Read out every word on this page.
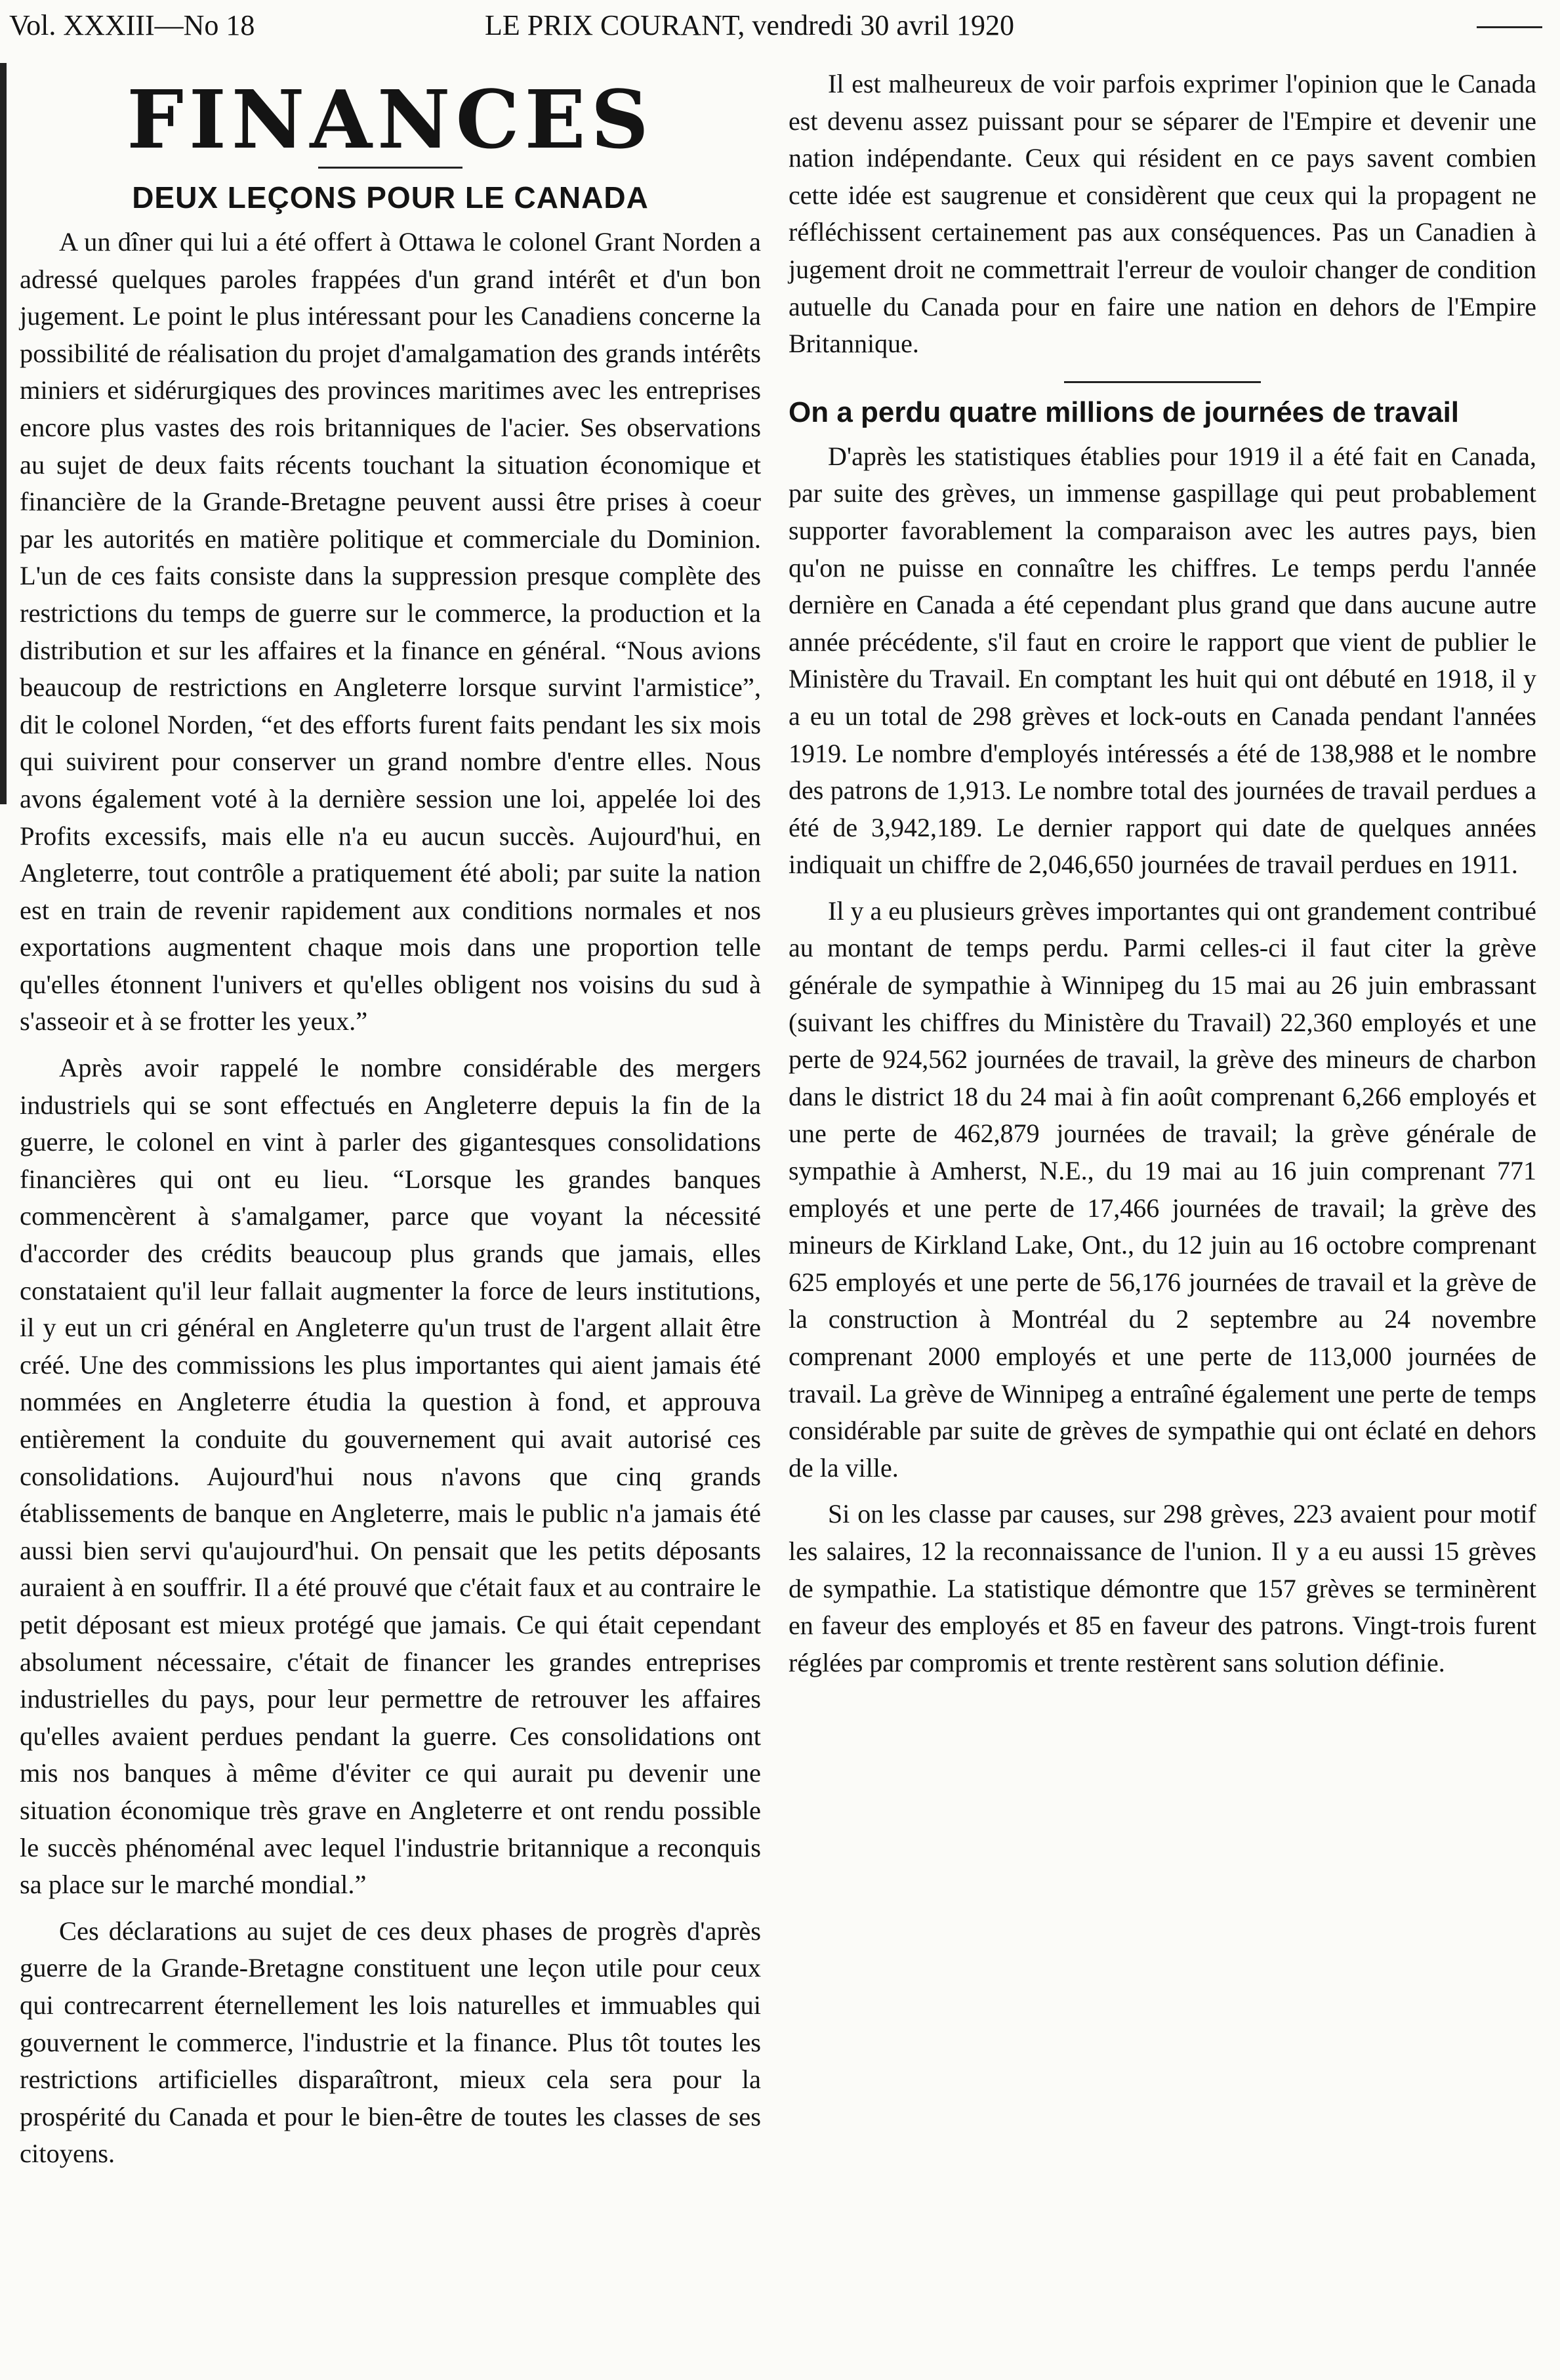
Vol. XXXIII—No 18	LE PRIX COURANT, vendredi 30 avril 1920
FINANCES
DEUX LEÇONS POUR LE CANADA

A un dîner qui lui a été offert à Ottawa le colonel Grant Norden a adressé quelques paroles frappées d'un grand intérêt et d'un bon jugement. Le point le plus intéressant pour les Canadiens concerne la possibilité de réalisation du projet d'amalgamation des grands intérêts miniers et sidérurgiques des provinces maritimes avec les entreprises encore plus vastes des rois britanniques de l'acier. Ses observations au sujet de deux faits récents touchant la situation économique et financière de la Grande-Bretagne peuvent aussi être prises à coeur par les autorités en matière politique et commerciale du Dominion. L'un de ces faits consiste dans la suppression presque complète des restrictions du temps de guerre sur le commerce, la production et la distribution et sur les affaires et la finance en général. “Nous avions beaucoup de restrictions en Angleterre lorsque survint l'armistice”, dit le colonel Norden, “et des efforts furent faits pendant les six mois qui suivirent pour conserver un grand nombre d'entre elles. Nous avons également voté à la dernière session une loi, appelée loi des Profits excessifs, mais elle n'a eu aucun succès. Aujourd'hui, en Angleterre, tout contrôle a pratiquement été aboli; par suite la nation est en train de revenir rapidement aux conditions normales et nos exportations augmentent chaque mois dans une proportion telle qu'elles étonnent l'univers et qu'elles obligent nos voisins du sud à s'asseoir et à se frotter les yeux.”

Après avoir rappelé le nombre considérable des mergers industriels qui se sont effectués en Angleterre depuis la fin de la guerre, le colonel en vint à parler des gigantesques consolidations financières qui ont eu lieu. “Lorsque les grandes banques commencèrent à s'amalgamer, parce que voyant la nécessité d'accorder des crédits beaucoup plus grands que jamais, elles constataient qu'il leur fallait augmenter la force de leurs institutions, il y eut un cri général en Angleterre qu'un trust de l'argent allait être créé. Une des commissions les plus importantes qui aient jamais été nommées en Angleterre étudia la question à fond, et approuva entièrement la conduite du gouvernement qui avait autorisé ces consolidations. Aujourd'hui nous n'avons que cinq grands établissements de banque en Angleterre, mais le public n'a jamais été aussi bien servi qu'aujourd'hui. On pensait que les petits déposants auraient à en souffrir. Il a été prouvé que c'était faux et au contraire le petit déposant est mieux protégé que jamais. Ce qui était cependant absolument nécessaire, c'était de financer les grandes entreprises industrielles du pays, pour leur permettre de retrouver les affaires qu'elles avaient perdues pendant la guerre. Ces consolidations ont mis nos banques à même d'éviter ce qui aurait pu devenir une situation économique très grave en Angleterre et ont rendu possible le succès phénoménal avec lequel l'industrie britannique a reconquis sa place sur le marché mondial.”

Ces déclarations au sujet de ces deux phases de progrès d'après guerre de la Grande-Bretagne constituent une leçon utile pour ceux qui contrecarrent éternellement les lois naturelles et immuables qui gouvernent le commerce, l'industrie et la finance. Plus tôt toutes les restrictions artificielles disparaîtront, mieux cela sera pour la prospérité du Canada et pour le bien-être de toutes les classes de ses citoyens.

Il est malheureux de voir parfois exprimer l'opinion que le Canada est devenu assez puissant pour se séparer de l'Empire et devenir une nation indépendante. Ceux qui résident en ce pays savent combien cette idée est saugrenue et considèrent que ceux qui la propagent ne réfléchissent certainement pas aux conséquences. Pas un Canadien à jugement droit ne commettrait l'erreur de vouloir changer de condition autuelle du Canada pour en faire une nation en dehors de l'Empire Britannique.

On a perdu quatre millions de journées de travail

D'après les statistiques établies pour 1919 il a été fait en Canada, par suite des grèves, un immense gaspillage qui peut probablement supporter favorablement la comparaison avec les autres pays, bien qu'on ne puisse en connaître les chiffres. Le temps perdu l'année dernière en Canada a été cependant plus grand que dans aucune autre année précédente, s'il faut en croire le rapport que vient de publier le Ministère du Travail. En comptant les huit qui ont débuté en 1918, il y a eu un total de 298 grèves et lock-outs en Canada pendant l'années 1919. Le nombre d'employés intéressés a été de 138,988 et le nombre des patrons de 1,913. Le nombre total des journées de travail perdues a été de 3,942,189. Le dernier rapport qui date de quelques années indiquait un chiffre de 2,046,650 journées de travail perdues en 1911.

Il y a eu plusieurs grèves importantes qui ont grandement contribué au montant de temps perdu. Parmi celles-ci il faut citer la grève générale de sympathie à Winnipeg du 15 mai au 26 juin embrassant (suivant les chiffres du Ministère du Travail) 22,360 employés et une perte de 924,562 journées de travail, la grève des mineurs de charbon dans le district 18 du 24 mai à fin août comprenant 6,266 employés et une perte de 462,879 journées de travail; la grève générale de sympathie à Amherst, N.E., du 19 mai au 16 juin comprenant 771 employés et une perte de 17,466 journées de travail; la grève des mineurs de Kirkland Lake, Ont., du 12 juin au 16 octobre comprenant 625 employés et une perte de 56,176 journées de travail et la grève de la construction à Montréal du 2 septembre au 24 novembre comprenant 2000 employés et une perte de 113,000 journées de travail. La grève de Winnipeg a entraîné également une perte de temps considérable par suite de grèves de sympathie qui ont éclaté en dehors de la ville.

Si on les classe par causes, sur 298 grèves, 223 avaient pour motif les salaires, 12 la reconnaissance de l'union. Il y a eu aussi 15 grèves de sympathie. La statistique démontre que 157 grèves se terminèrent en faveur des employés et 85 en faveur des patrons. Vingt-trois furent réglées par compromis et trente restèrent sans solution définie.
